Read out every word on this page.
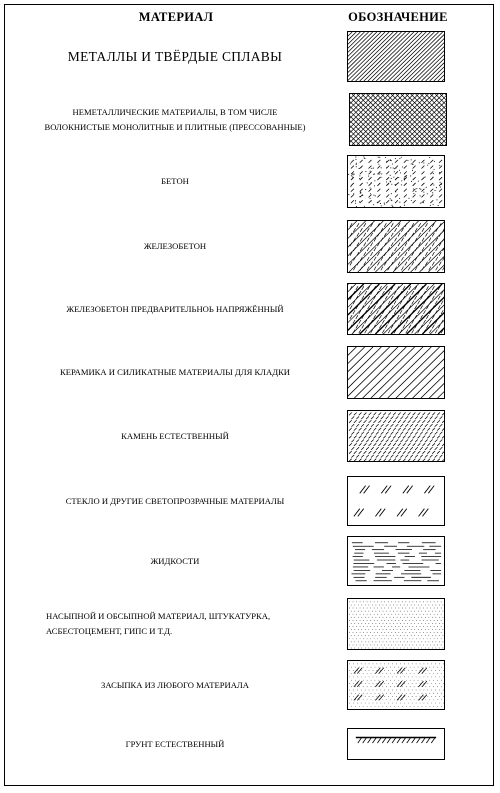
МАТЕРИАЛ	ОБОЗНАЧЕНИЕ
МЕТАЛЛЫ И ТВЁРДЫЕ СПЛАВЫ
НЕМЕТАЛЛИЧЕСКИЕ МАТЕРИАЛЫ, В ТОМ ЧИСЛЕ ВОЛОКНИСТЫЕ МОНОЛИТНЫЕ И ПЛИТНЫЕ (ПРЕССОВАННЫЕ)
БЕТОН
ЖЕЛЕЗОБЕТОН
ЖЕЛЕЗОБЕТОН ПРЕДВАРИТЕЛЬНОЬ НАПРЯЖЁННЫЙ
КЕРАМИКА И СИЛИКАТНЫЕ МАТЕРИАЛЫ ДЛЯ КЛАДКИ
КАМЕНЬ ЕСТЕСТВЕННЫЙ
СТЕКЛО И ДРУГИЕ СВЕТОПРОЗРАЧНЫЕ МАТЕРИАЛЫ
ЖИДКОСТИ
НАСЫПНОЙ И ОБСЫПНОЙ МАТЕРИАЛ, ШТУКАТУРКА, АСБЕСТОЦЕМЕНТ, ГИПС И Т.Д.
ЗАСЫПКА ИЗ ЛЮБОГО МАТЕРИАЛА
ГРУНТ ЕСТЕСТВЕННЫЙ
